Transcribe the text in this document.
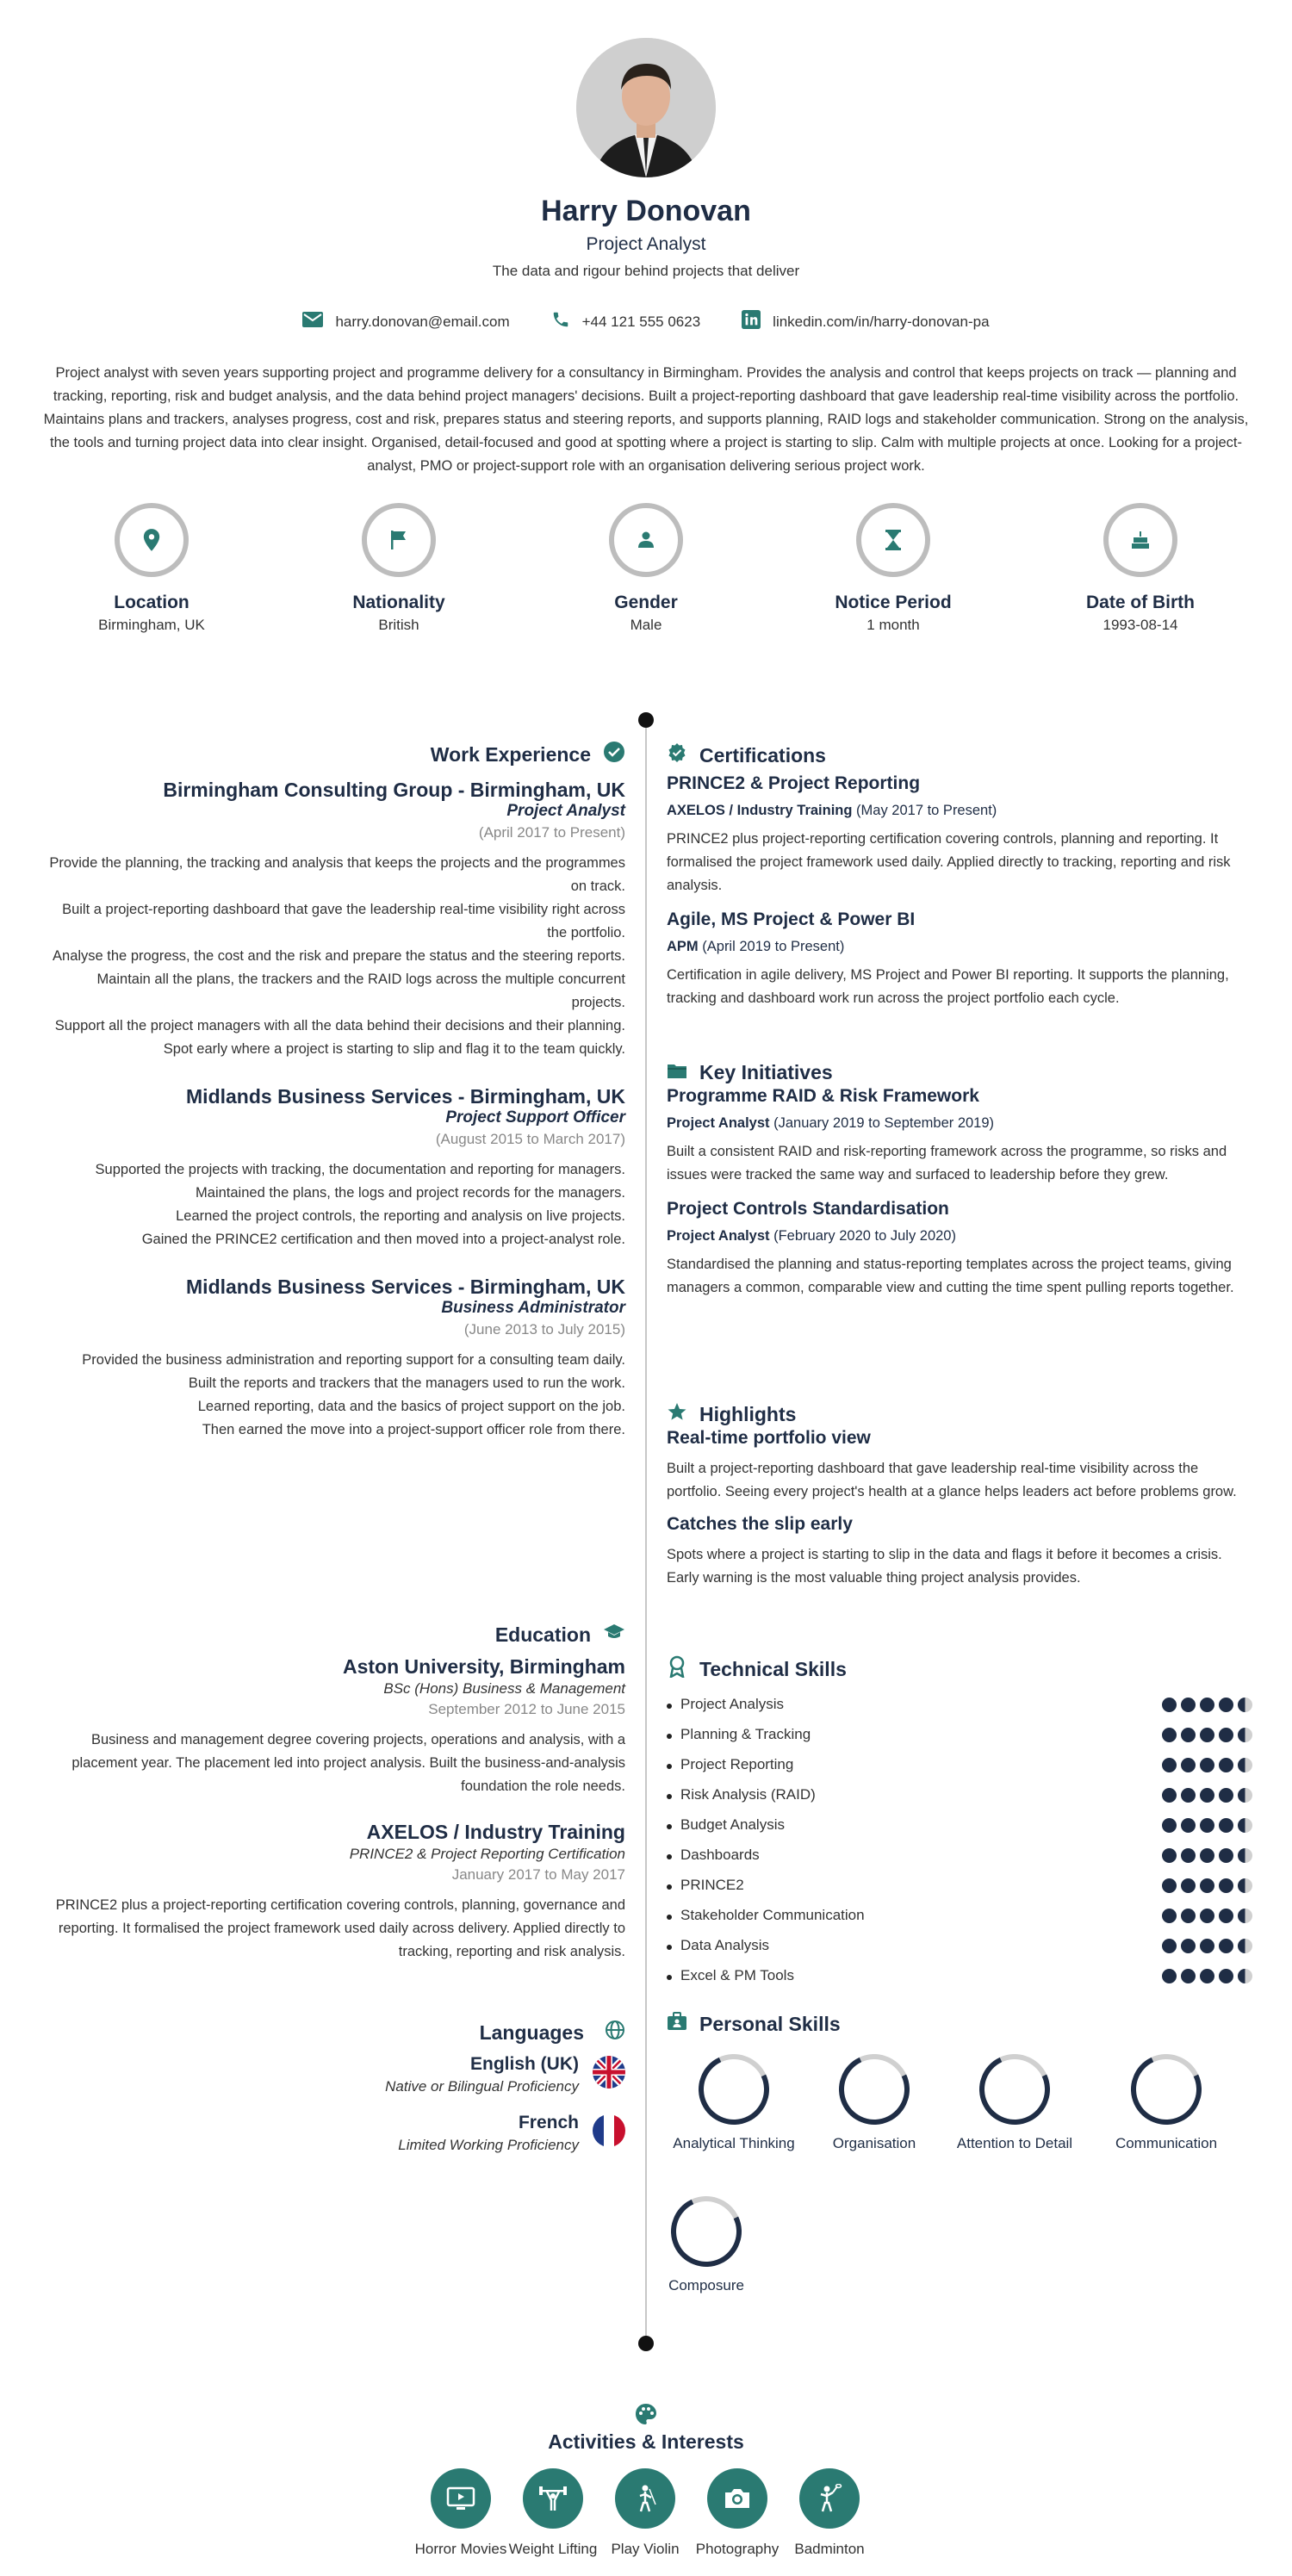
Harry Donovan
Project Analyst
The data and rigour behind projects that deliver
harry.donovan@email.com	+44 121 555 0623	linkedin.com/in/harry-donovan-pa
Project analyst with seven years supporting project and programme delivery for a consultancy in Birmingham. Provides the analysis and control that keeps projects on track — planning and tracking, reporting, risk and budget analysis, and the data behind project managers' decisions. Built a project-reporting dashboard that gave leadership real-time visibility across the portfolio. Maintains plans and trackers, analyses progress, cost and risk, prepares status and steering reports, and supports planning, RAID logs and stakeholder communication. Strong on the analysis, the tools and turning project data into clear insight. Organised, detail-focused and good at spotting where a project is starting to slip. Calm with multiple projects at once. Looking for a project-analyst, PMO or project-support role with an organisation delivering serious project work.
Location
Birmingham, UK
Nationality
British
Gender
Male
Notice Period
1 month
Date of Birth
1993-08-14
Work Experience
Birmingham Consulting Group - Birmingham, UK
Project Analyst
(April 2017 to Present)

Provide the planning, the tracking and analysis that keeps the projects and the programmes on track.

Built a project-reporting dashboard that gave the leadership real-time visibility right across the portfolio.

Analyse the progress, the cost and the risk and prepare the status and the steering reports.

Maintain all the plans, the trackers and the RAID logs across the multiple concurrent projects.

Support all the project managers with all the data behind their decisions and their planning.

Spot early where a project is starting to slip and flag it to the team quickly.

Midlands Business Services - Birmingham, UK
Project Support Officer
(August 2015 to March 2017)

Supported the projects with tracking, the documentation and reporting for managers.

Maintained the plans, the logs and project records for the managers.

Learned the project controls, the reporting and analysis on live projects.

Gained the PRINCE2 certification and then moved into a project-analyst role.

Midlands Business Services - Birmingham, UK
Business Administrator
(June 2013 to July 2015)

Provided the business administration and reporting support for a consulting team daily.

Built the reports and trackers that the managers used to run the work.

Learned reporting, data and the basics of project support on the job.

Then earned the move into a project-support officer role from there.

Education
Aston University, Birmingham
BSc (Hons) Business & Management
September 2012 to June 2015

Business and management degree covering projects, operations and analysis, with a placement year. The placement led into project analysis. Built the business-and-analysis foundation the role needs.

AXELOS / Industry Training
PRINCE2 & Project Reporting Certification
January 2017 to May 2017

PRINCE2 plus a project-reporting certification covering controls, planning, governance and reporting. It formalised the project framework used daily across delivery. Applied directly to tracking, reporting and risk analysis.

Languages
English (UK)
Native or Bilingual Proficiency
French
Limited Working Proficiency
Certifications
PRINCE2 & Project Reporting
AXELOS / Industry Training (May 2017 to Present)
PRINCE2 plus project-reporting certification covering controls, planning and reporting. It formalised the project framework used daily. Applied directly to tracking, reporting and risk analysis.
Agile, MS Project & Power BI
APM (April 2019 to Present)
Certification in agile delivery, MS Project and Power BI reporting. It supports the planning, tracking and dashboard work run across the project portfolio each cycle.
Key Initiatives
Programme RAID & Risk Framework
Project Analyst (January 2019 to September 2019)
Built a consistent RAID and risk-reporting framework across the programme, so risks and issues were tracked the same way and surfaced to leadership before they grew.
Project Controls Standardisation
Project Analyst (February 2020 to July 2020)
Standardised the planning and status-reporting templates across the project teams, giving managers a common, comparable view and cutting the time spent pulling reports together.
Highlights
Real-time portfolio view
Built a project-reporting dashboard that gave leadership real-time visibility across the portfolio. Seeing every project's health at a glance helps leaders act before problems grow.
Catches the slip early
Spots where a project is starting to slip in the data and flags it before it becomes a crisis. Early warning is the most valuable thing project analysis provides.
Technical Skills
Project Analysis
Planning & Tracking
Project Reporting
Risk Analysis (RAID)
Budget Analysis
Dashboards
PRINCE2
Stakeholder Communication
Data Analysis
Excel & PM Tools
Personal Skills
Analytical Thinking	Organisation	Attention to Detail	Communication
Composure
Activities & Interests
Horror Movies Weight Lifting Play Violin	Photography	Badminton
